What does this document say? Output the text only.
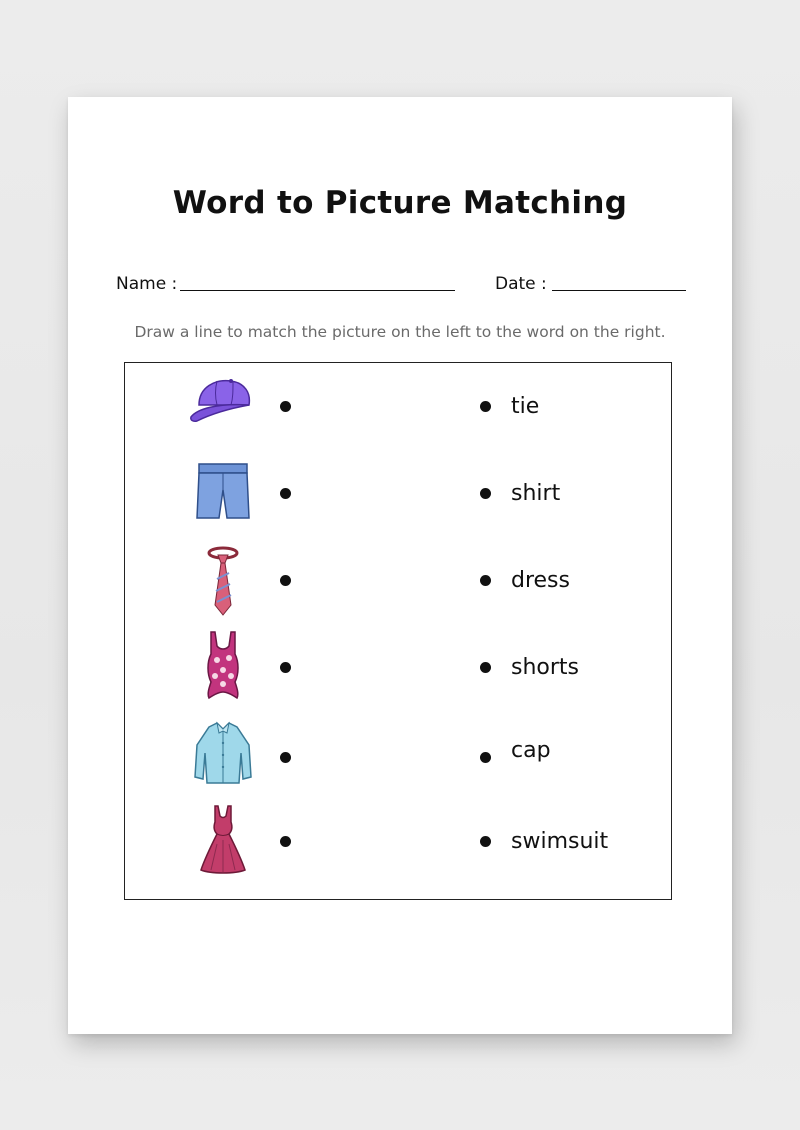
Word to Picture Matching
Name :	Date :
Draw a line to match the picture on the left to the word on the right.
tie
shirt
dress
shorts
cap
swimsuit
